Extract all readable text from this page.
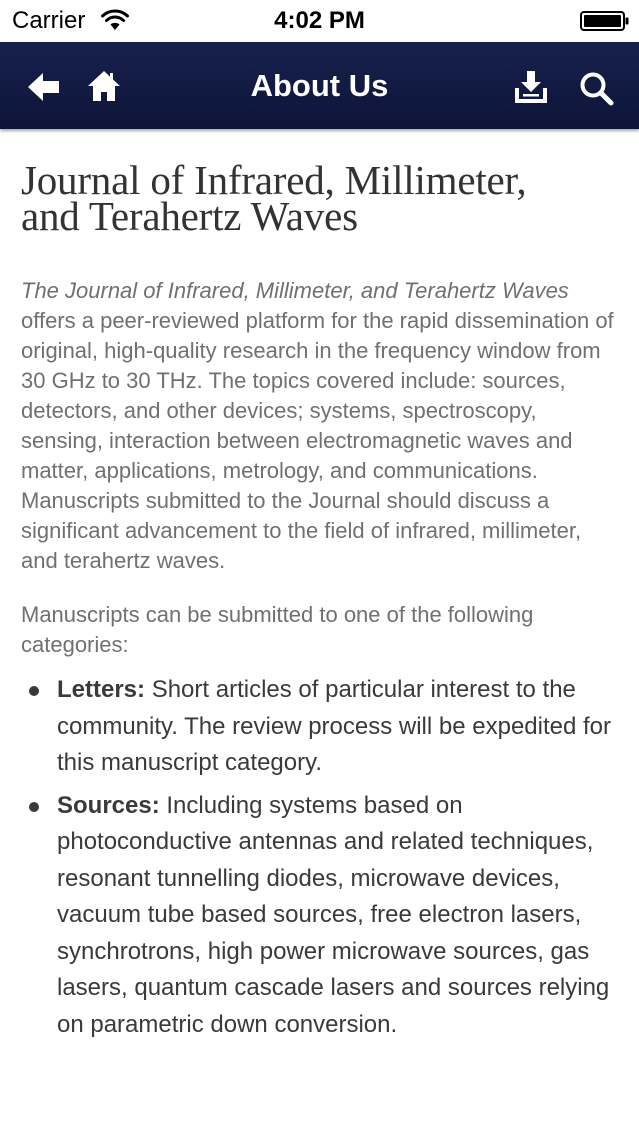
Carrier	4:02 PM
About Us
Journal of Infrared, Millimeter,
and Terahertz Waves

The Journal of Infrared, Millimeter, and Terahertz Waves offers a peer-reviewed platform for the rapid dissemination of original, high-quality research in the frequency window from 30 GHz to 30 THz. The topics covered include: sources, detectors, and other devices; systems, spectroscopy, sensing, interaction between electromagnetic waves and matter, applications, metrology, and communications. Manuscripts submitted to the Journal should discuss a significant advancement to the field of infrared, millimeter, and terahertz waves.

Manuscripts can be submitted to one of the following categories:

Letters: Short articles of particular interest to the community. The review process will be expedited for this manuscript category.
Sources: Including systems based on photoconductive antennas and related techniques, resonant tunnelling diodes, microwave devices, vacuum tube based sources, free electron lasers, synchrotrons, high power microwave sources, gas lasers, quantum cascade lasers and sources relying on parametric down conversion.
